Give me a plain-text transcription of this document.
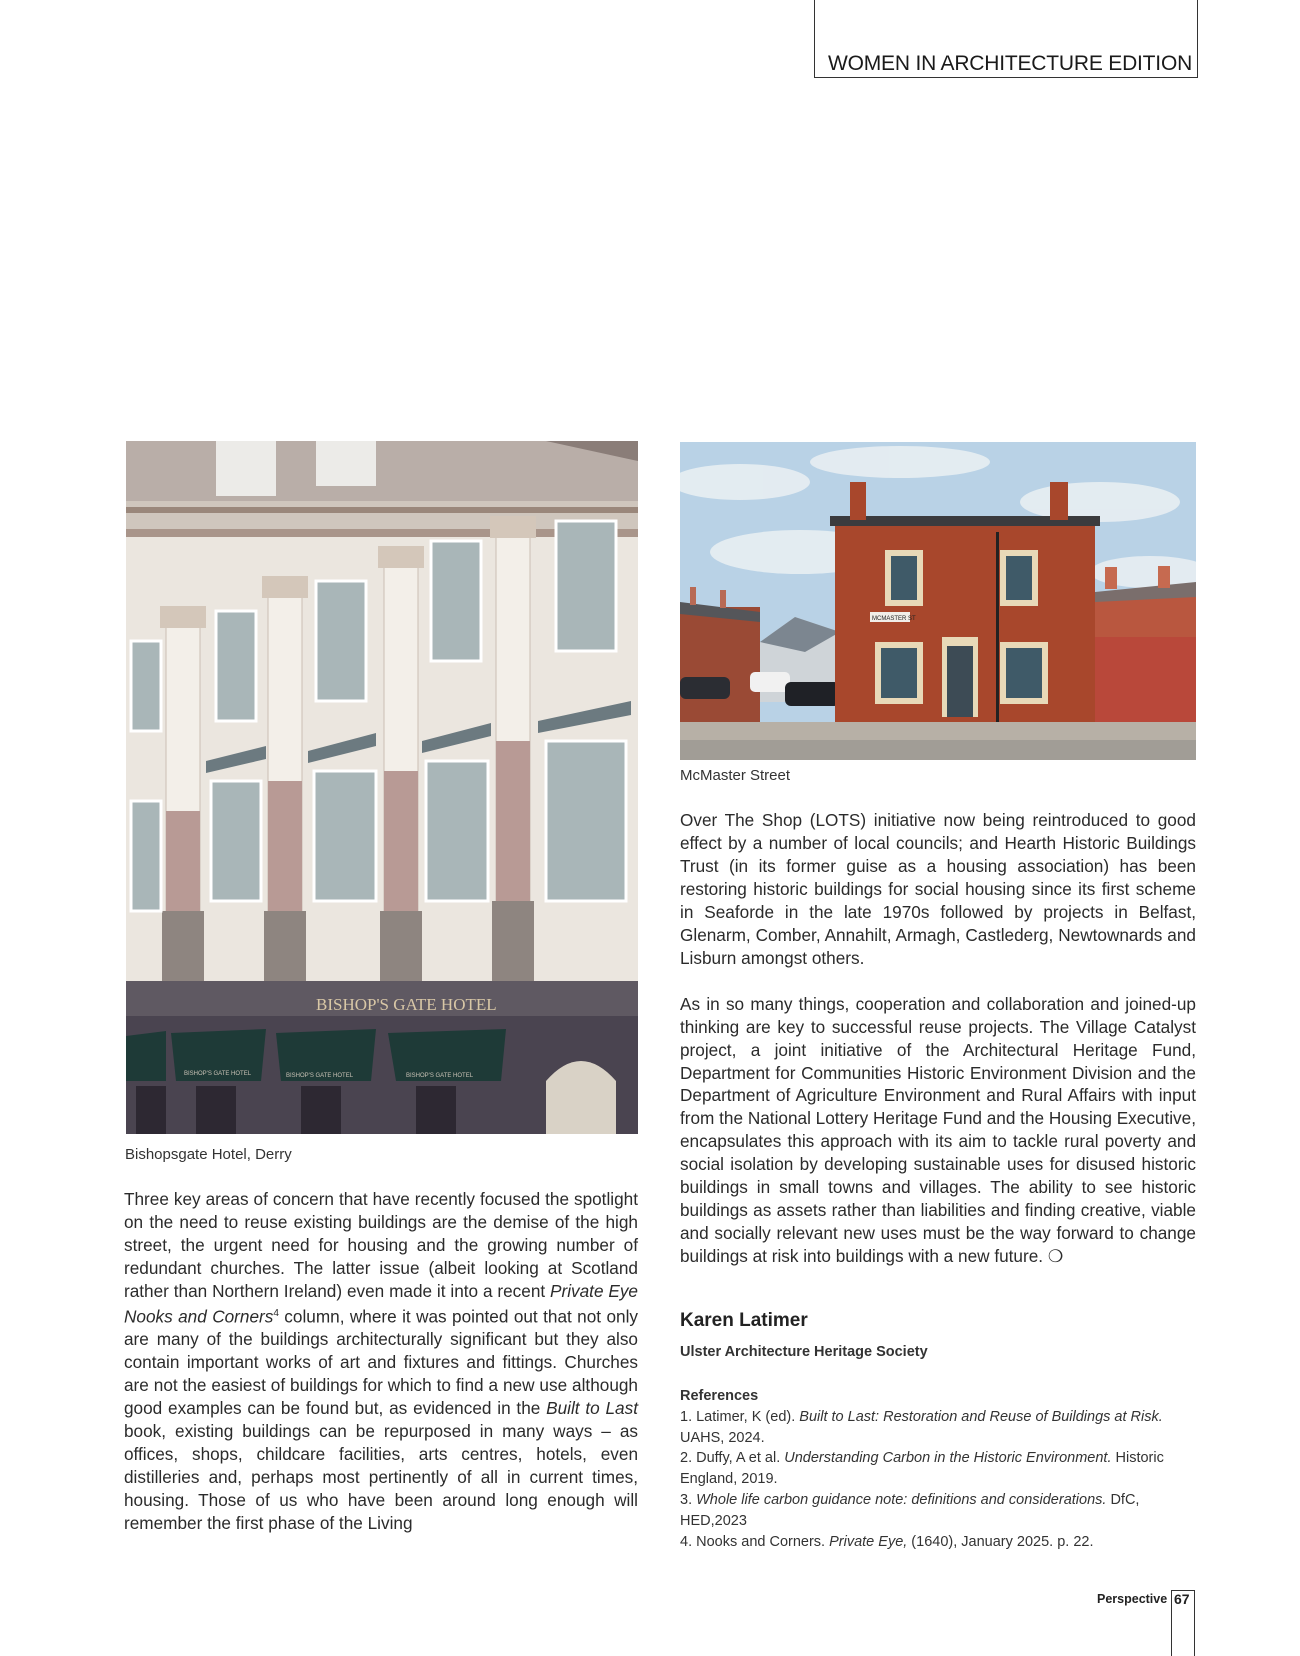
WOMEN IN ARCHITECTURE EDITION
BISHOP'S GATE HOTEL
BISHOP'S GATE HOTEL	BISHOP'S GATE HOTEL	BISHOP'S GATE HOTEL
Bishopsgate Hotel, Derry
MCMASTER ST
McMaster Street

Three key areas of concern that have recently focused the spotlight on the need to reuse existing buildings are the demise of the high street, the urgent need for housing and the growing number of redundant churches. The latter issue (albeit looking at Scotland rather than Northern Ireland) even made it into a recent Private Eye Nooks and Corners$^4$ column, where it was pointed out that not only are many of the buildings architecturally significant but they also contain important works of art and fixtures and fittings. Churches are not the easiest of buildings for which to find a new use although good examples can be found but, as evidenced in the Built to Last book, existing buildings can be repurposed in many ways – as offices, shops, childcare facilities, arts centres, hotels, even distilleries and, perhaps most pertinently of all in current times, housing. Those of us who have been around long enough will remember the first phase of the Living

Over The Shop (LOTS) initiative now being reintroduced to good effect by a number of local councils; and Hearth Historic Buildings Trust (in its former guise as a housing association) has been restoring historic buildings for social housing since its first scheme in Seaforde in the late 1970s followed by projects in Belfast, Glenarm, Comber, Annahilt, Armagh, Castlederg, Newtownards and Lisburn amongst others.

As in so many things, cooperation and collaboration and joined-up thinking are key to successful reuse projects. The Village Catalyst project, a joint initiative of the Architectural Heritage Fund, Department for Communities Historic Environment Division and the Department of Agriculture Environment and Rural Affairs with input from the National Lottery Heritage Fund and the Housing Executive, encapsulates this approach with its aim to tackle rural poverty and social isolation by developing sustainable uses for disused historic buildings in small towns and villages. The ability to see historic buildings as assets rather than liabilities and finding creative, viable and socially relevant new uses must be the way forward to change buildings at risk into buildings with a new future. ❍

Karen Latimer
Ulster Architecture Heritage Society
References
1. Latimer, K (ed). Built to Last: Restoration and Reuse of Buildings at Risk. UAHS, 2024.
2. Duffy, A et al. Understanding Carbon in the Historic Environment. Historic England, 2019.
3. Whole life carbon guidance note: definitions and considerations. DfC, HED,2023
4. Nooks and Corners. Private Eye, (1640), January 2025. p. 22.
Perspective 67
